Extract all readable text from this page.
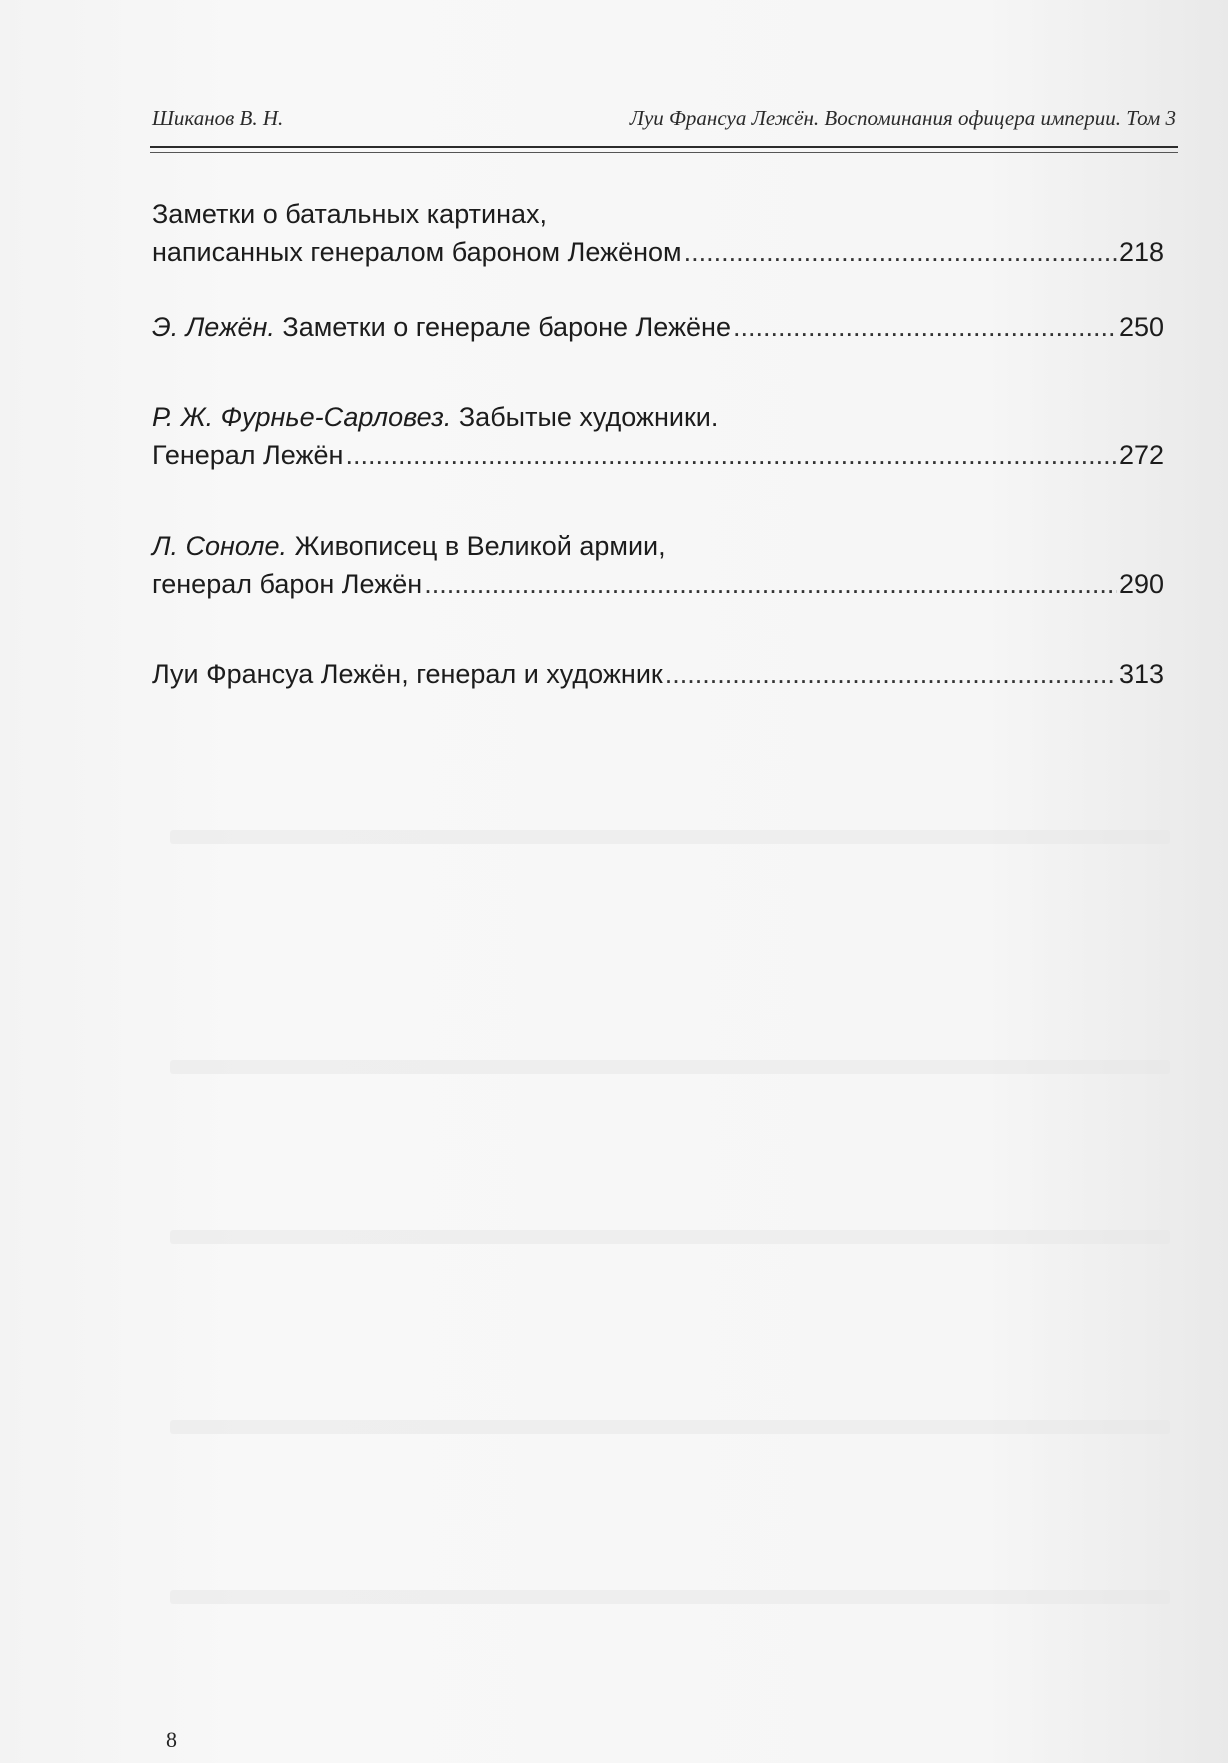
Шиканов В. Н.	Луи Франсуа Лежён. Воспоминания офицера империи. Том 3
Заметки о батальных картинах,
написанных генералом бароном Лежёном .....	218
Э. Лежён. Заметки о генерале бароне Лежёне .....	250
Р. Ж. Фурнье-Сарловез. Забытые художники.
Генерал Лежён .....	272
Л. Соноле. Живописец в Великой армии,
генерал барон Лежён .....	290
Луи Франсуа Лежён, генерал и художник .....	313
8
